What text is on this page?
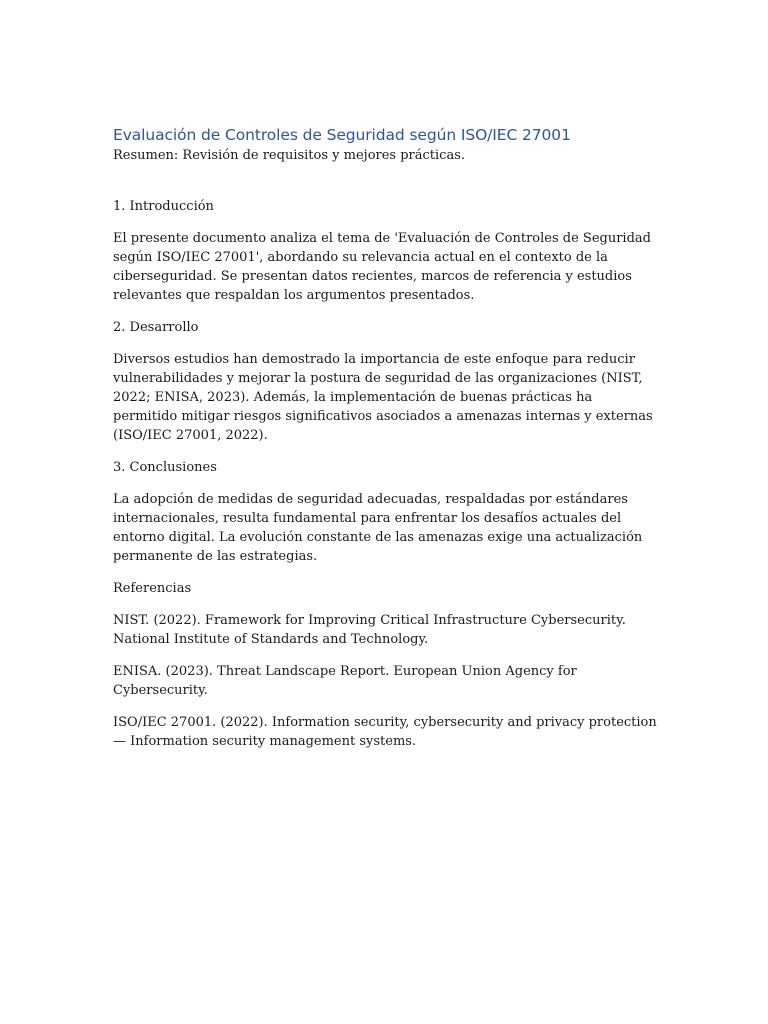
Evaluación de Controles de Seguridad según ISO/IEC 27001
Resumen: Revisión de requisitos y mejores prácticas.
1. Introducción

El presente documento analiza el tema de 'Evaluación de Controles de Seguridad según ISO/IEC 27001', abordando su relevancia actual en el contexto de la ciberseguridad. Se presentan datos recientes, marcos de referencia y estudios relevantes que respaldan los argumentos presentados.

2. Desarrollo

Diversos estudios han demostrado la importancia de este enfoque para reducir vulnerabilidades y mejorar la postura de seguridad de las organizaciones (NIST, 2022; ENISA, 2023). Además, la implementación de buenas prácticas ha permitido mitigar riesgos significativos asociados a amenazas internas y externas (ISO/IEC 27001, 2022).

3. Conclusiones

La adopción de medidas de seguridad adecuadas, respaldadas por estándares internacionales, resulta fundamental para enfrentar los desafíos actuales del entorno digital. La evolución constante de las amenazas exige una actualización permanente de las estrategias.

Referencias

NIST. (2022). Framework for Improving Critical Infrastructure Cybersecurity. National Institute of Standards and Technology.

ENISA. (2023). Threat Landscape Report. European Union Agency for Cybersecurity.

ISO/IEC 27001. (2022). Information security, cybersecurity and privacy protection — Information security management systems.
